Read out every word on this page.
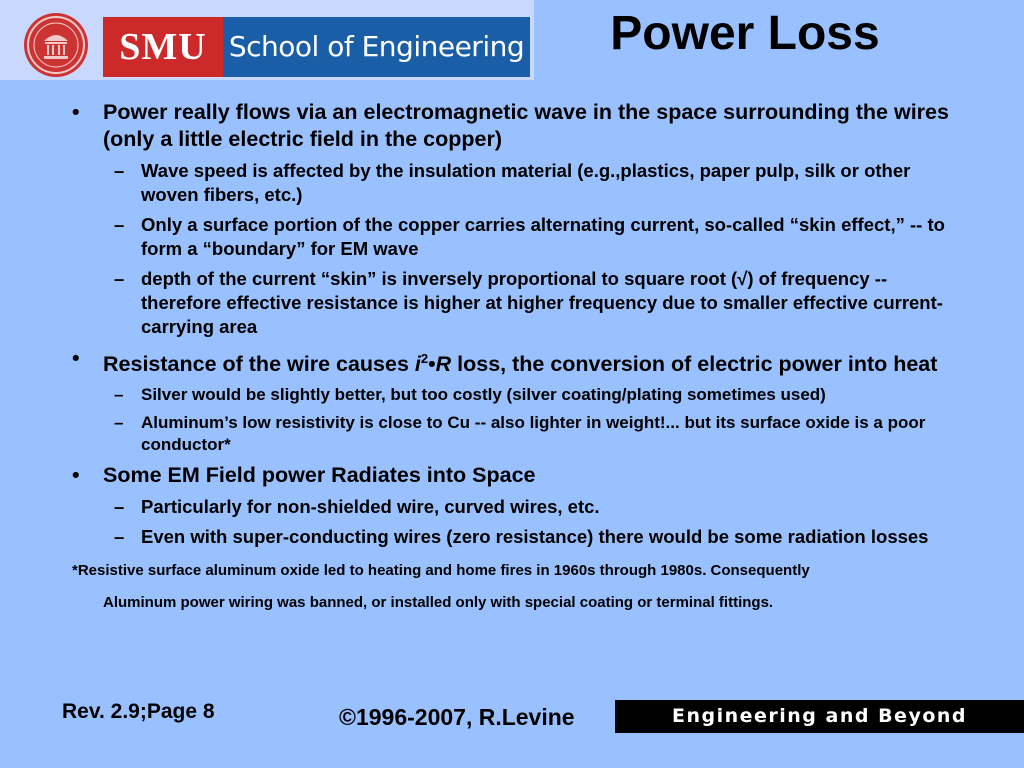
SMU School of Engineering	Power Loss
• Power really flows via an electromagnetic wave in the space surrounding the wires (only a little electric field in the copper)
– Wave speed is affected by the insulation material (e.g.,plastics, paper pulp, silk or other woven fibers, etc.)
– Only a surface portion of the copper carries alternating current, so-called “skin effect,” -- to form a “boundary” for EM wave
– depth of the current “skin” is inversely proportional to square root (√) of frequency -- therefore effective resistance is higher at higher frequency due to smaller effective current-carrying area
• Resistance of the wire causes $i^2•R$ loss, the conversion of electric power into heat
– Silver would be slightly better, but too costly (silver coating/plating sometimes used)
– Aluminum’s low resistivity is close to Cu -- also lighter in weight!... but its surface oxide is a poor conductor*
• Some EM Field power Radiates into Space
– Particularly for non-shielded wire, curved wires, etc.
– Even with super-conducting wires (zero resistance) there would be some radiation losses
*Resistive surface aluminum oxide led to heating and home fires in 1960s through 1980s. Consequently
Aluminum power wiring was banned, or installed only with special coating or terminal fittings.
Rev. 2.9;Page 8	©1996-2007, R.Levine	Engineering and Beyond
